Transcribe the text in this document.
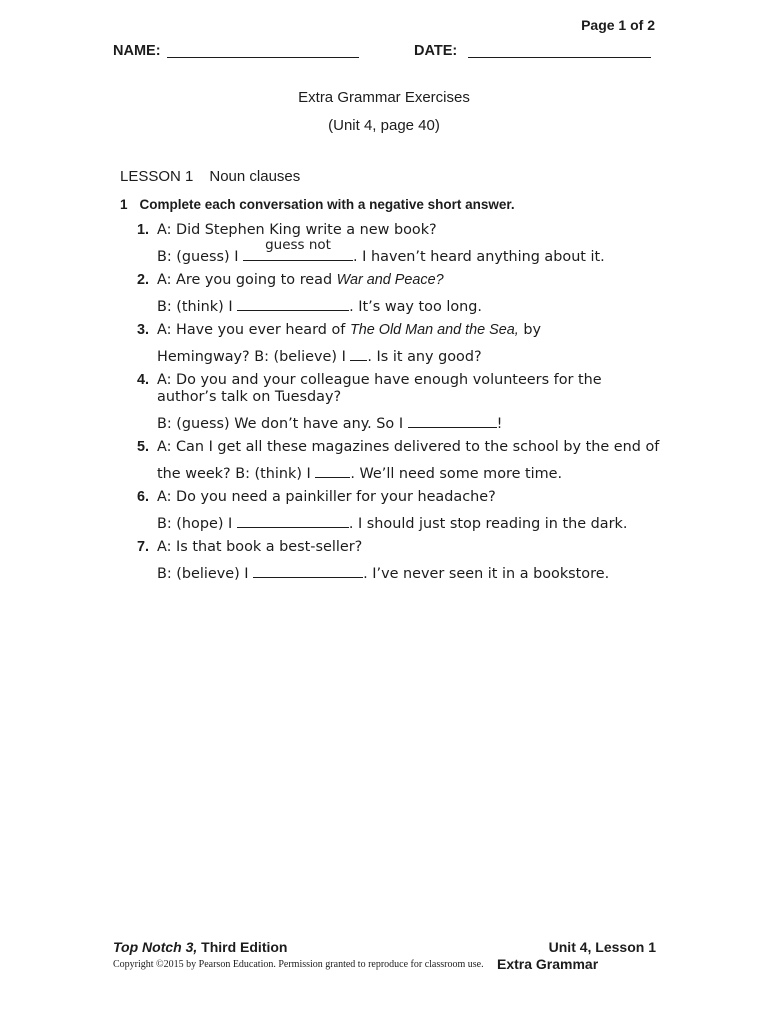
Page 1 of 2
NAME:	DATE:
Extra Grammar Exercises
(Unit 4, page 40)
LESSON 1 Noun clauses
1 Complete each conversation with a negative short answer.
1. A: Did Stephen King write a new book?
B: (guess) I
guess not
. I haven’t heard anything about it.
2. A: Are you going to read War and Peace?
B: (think) I	. It’s way too long.
3. A: Have you ever heard of The Old Man and the Sea, by
Hemingway? B: (believe) I . Is it any good?
4. A: Do you and your colleague have enough volunteers for the
author’s talk on Tuesday?
B: (guess) We don’t have any. So I	!
5. A: Can I get all these magazines delivered to the school by the end of
the week? B: (think) I	. We’ll need some more time.
6. A: Do you need a painkiller for your headache?
B: (hope) I	. I should just stop reading in the dark.
7. A: Is that book a best-seller?
B: (believe) I	. I’ve never seen it in a bookstore.
Top Notch 3, Third Edition	Unit 4, Lesson 1
Copyright ©2015 by Pearson Education. Permission granted to reproduce for classroom use. Extra Grammar
